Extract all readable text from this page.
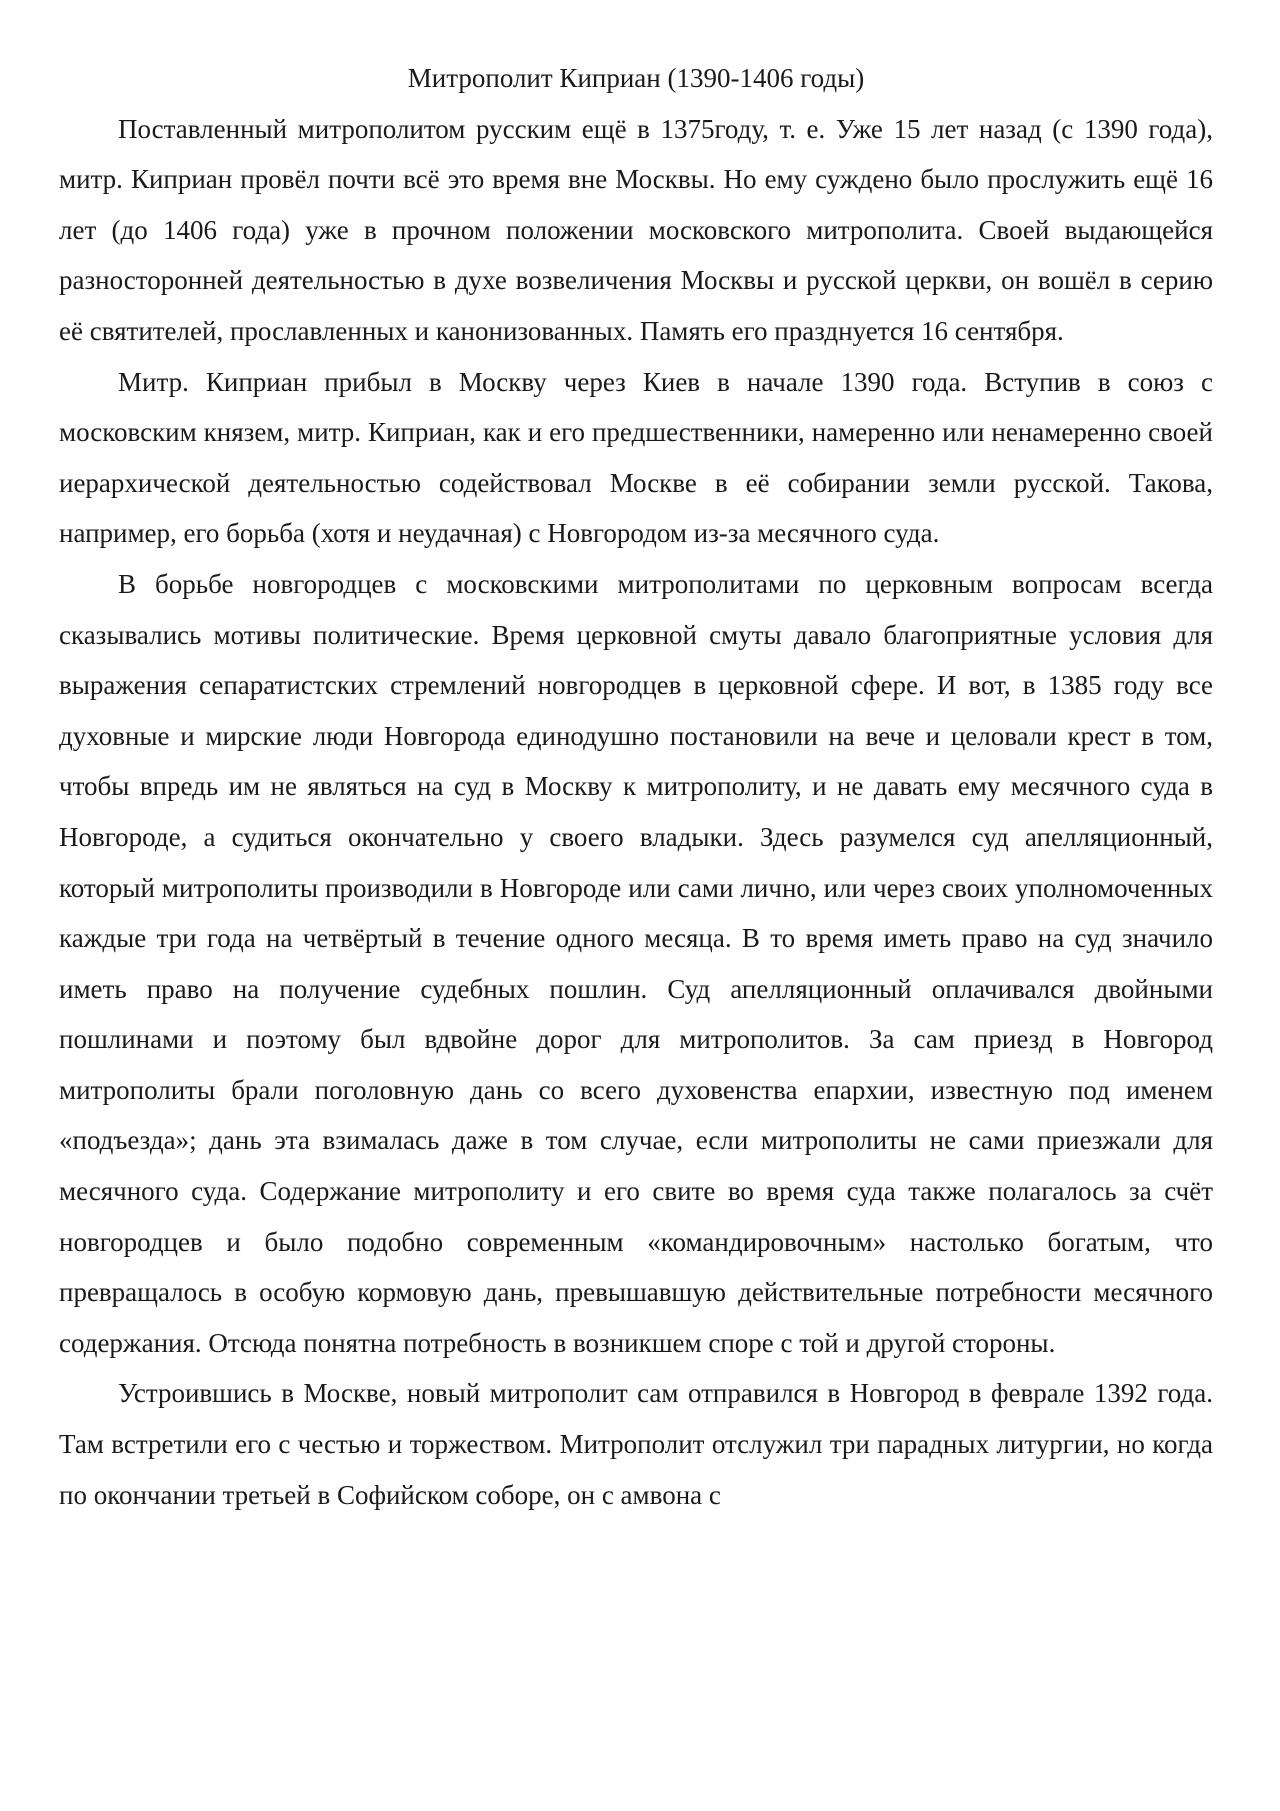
Митрополит Киприан (1390-1406 годы)

Поставленный митрополитом русским ещё в 1375году, т. е. Уже 15 лет назад (с 1390 года), митр. Киприан провёл почти всё это время вне Москвы. Но ему суждено было прослужить ещё 16 лет (до 1406 года) уже в прочном положении московского митрополита. Своей выдающейся разносторонней деятельностью в духе возвеличения Москвы и русской церкви, он вошёл в серию её святителей, прославленных и канонизованных. Память его празднуется 16 сентября.

Митр. Киприан прибыл в Москву через Киев в начале 1390 года. Вступив в союз с московским князем, митр. Киприан, как и его предшественники, намеренно или ненамеренно своей иерархической деятельностью содействовал Москве в её собирании земли русской. Такова, например, его борьба (хотя и неудачная) с Новгородом из-за месячного суда.

В борьбе новгородцев с московскими митрополитами по церковным вопросам всегда сказывались мотивы политические. Время церковной смуты давало благоприятные условия для выражения сепаратистских стремлений новгородцев в церковной сфере. И вот, в 1385 году все духовные и мирские люди Новгорода единодушно постановили на вече и целовали крест в том, чтобы впредь им не являться на суд в Москву к митрополиту, и не давать ему месячного суда в Новгороде, а судиться окончательно у своего владыки. Здесь разумелся суд апелляционный, который митрополиты производили в Новгороде или сами лично, или через своих уполномоченных каждые три года на четвёртый в течение одного месяца. В то время иметь право на суд значило иметь право на получение судебных пошлин. Суд апелляционный оплачивался двойными пошлинами и поэтому был вдвойне дорог для митрополитов. За сам приезд в Новгород митрополиты брали поголовную дань со всего духовенства епархии, известную под именем «подъезда»; дань эта взималась даже в том случае, если митрополиты не сами приезжали для месячного суда. Содержание митрополиту и его свите во время суда также полагалось за счёт новгородцев и было подобно современным «командировочным» настолько богатым, что превращалось в особую кормовую дань, превышавшую действительные потребности месячного содержания. Отсюда понятна потребность в возникшем споре с той и другой стороны.

Устроившись в Москве, новый митрополит сам отправился в Новгород в феврале 1392 года. Там встретили его с честью и торжеством. Митрополит отслужил три парадных литургии, но когда по окончании третьей в Софийском соборе, он с амвона с
